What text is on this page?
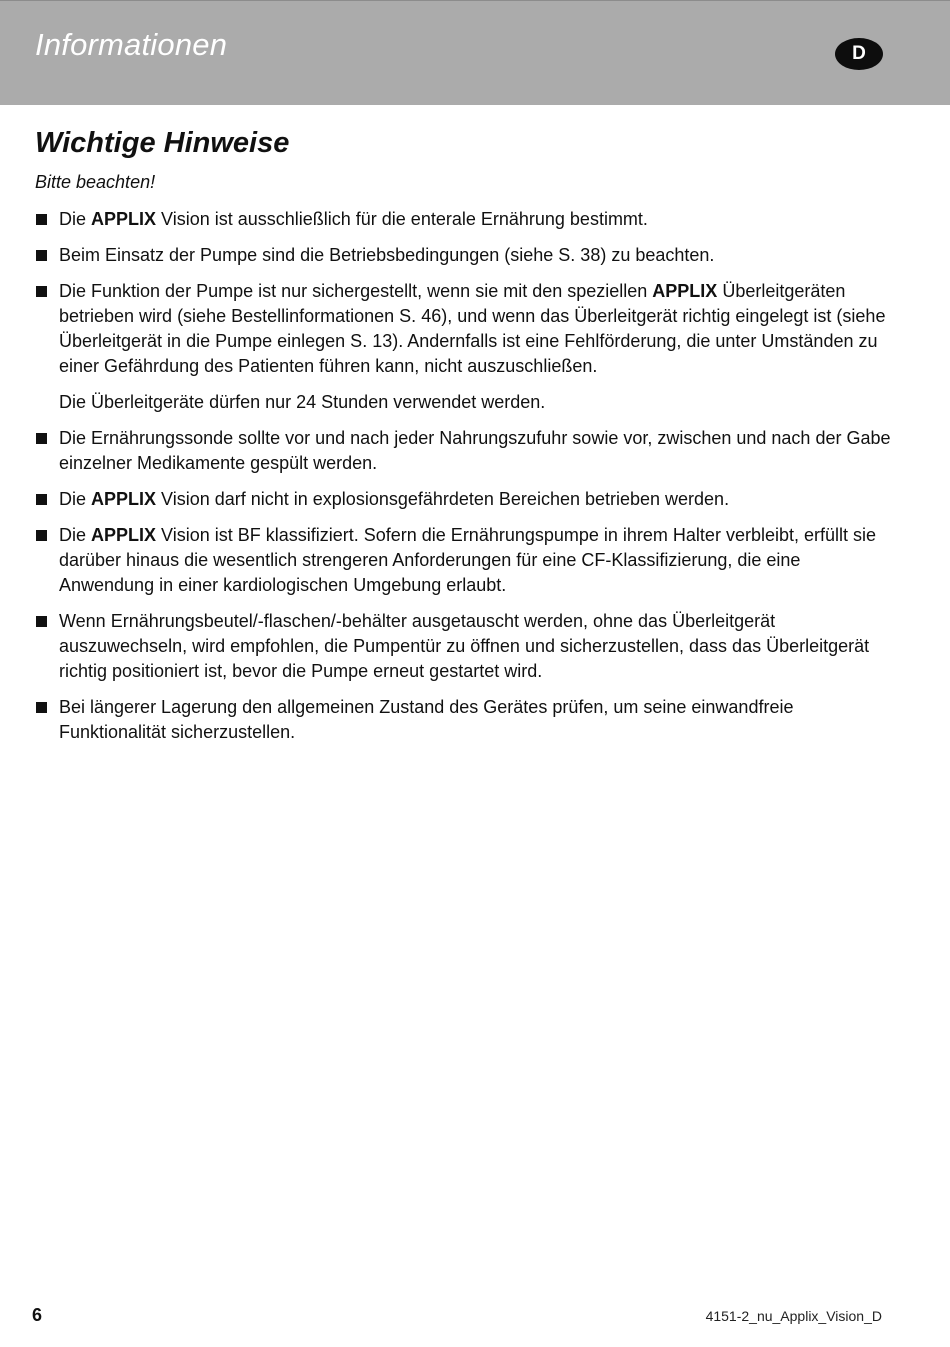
Informationen	D
Wichtige Hinweise
Bitte beachten!

Die APPLIX Vision ist ausschließlich für die enterale Ernährung bestimmt.

Beim Einsatz der Pumpe sind die Betriebsbedingungen (siehe S. 38) zu beachten.

Die Funktion der Pumpe ist nur sichergestellt, wenn sie mit den speziellen APPLIX Überleitgeräten betrieben wird (siehe Bestellinformationen S. 46), und wenn das Überleitgerät richtig eingelegt ist (siehe Überleitgerät in die Pumpe einlegen S. 13). Andernfalls ist eine Fehlförderung, die unter Umständen zu einer Gefährdung des Patienten führen kann, nicht auszuschließen.

Die Überleitgeräte dürfen nur 24 Stunden verwendet werden.

Die Ernährungssonde sollte vor und nach jeder Nahrungszufuhr sowie vor, zwischen und nach der Gabe einzelner Medikamente gespült werden.

Die APPLIX Vision darf nicht in explosionsgefährdeten Bereichen betrieben werden.

Die APPLIX Vision ist BF klassifiziert. Sofern die Ernährungspumpe in ihrem Halter verbleibt, erfüllt sie darüber hinaus die wesentlich strengeren Anforderungen für eine CF-Klassifizierung, die eine Anwendung in einer kardiologischen Umgebung erlaubt.

Wenn Ernährungsbeutel/-flaschen/-behälter ausgetauscht werden, ohne das Überleitgerät auszuwechseln, wird empfohlen, die Pumpentür zu öffnen und sicherzustellen, dass das Überleitgerät richtig positioniert ist, bevor die Pumpe erneut gestartet wird.

Bei längerer Lagerung den allgemeinen Zustand des Gerätes prüfen, um seine einwandfreie Funktionalität sicherzustellen.

6	4151-2_nu_Applix_Vision_D
